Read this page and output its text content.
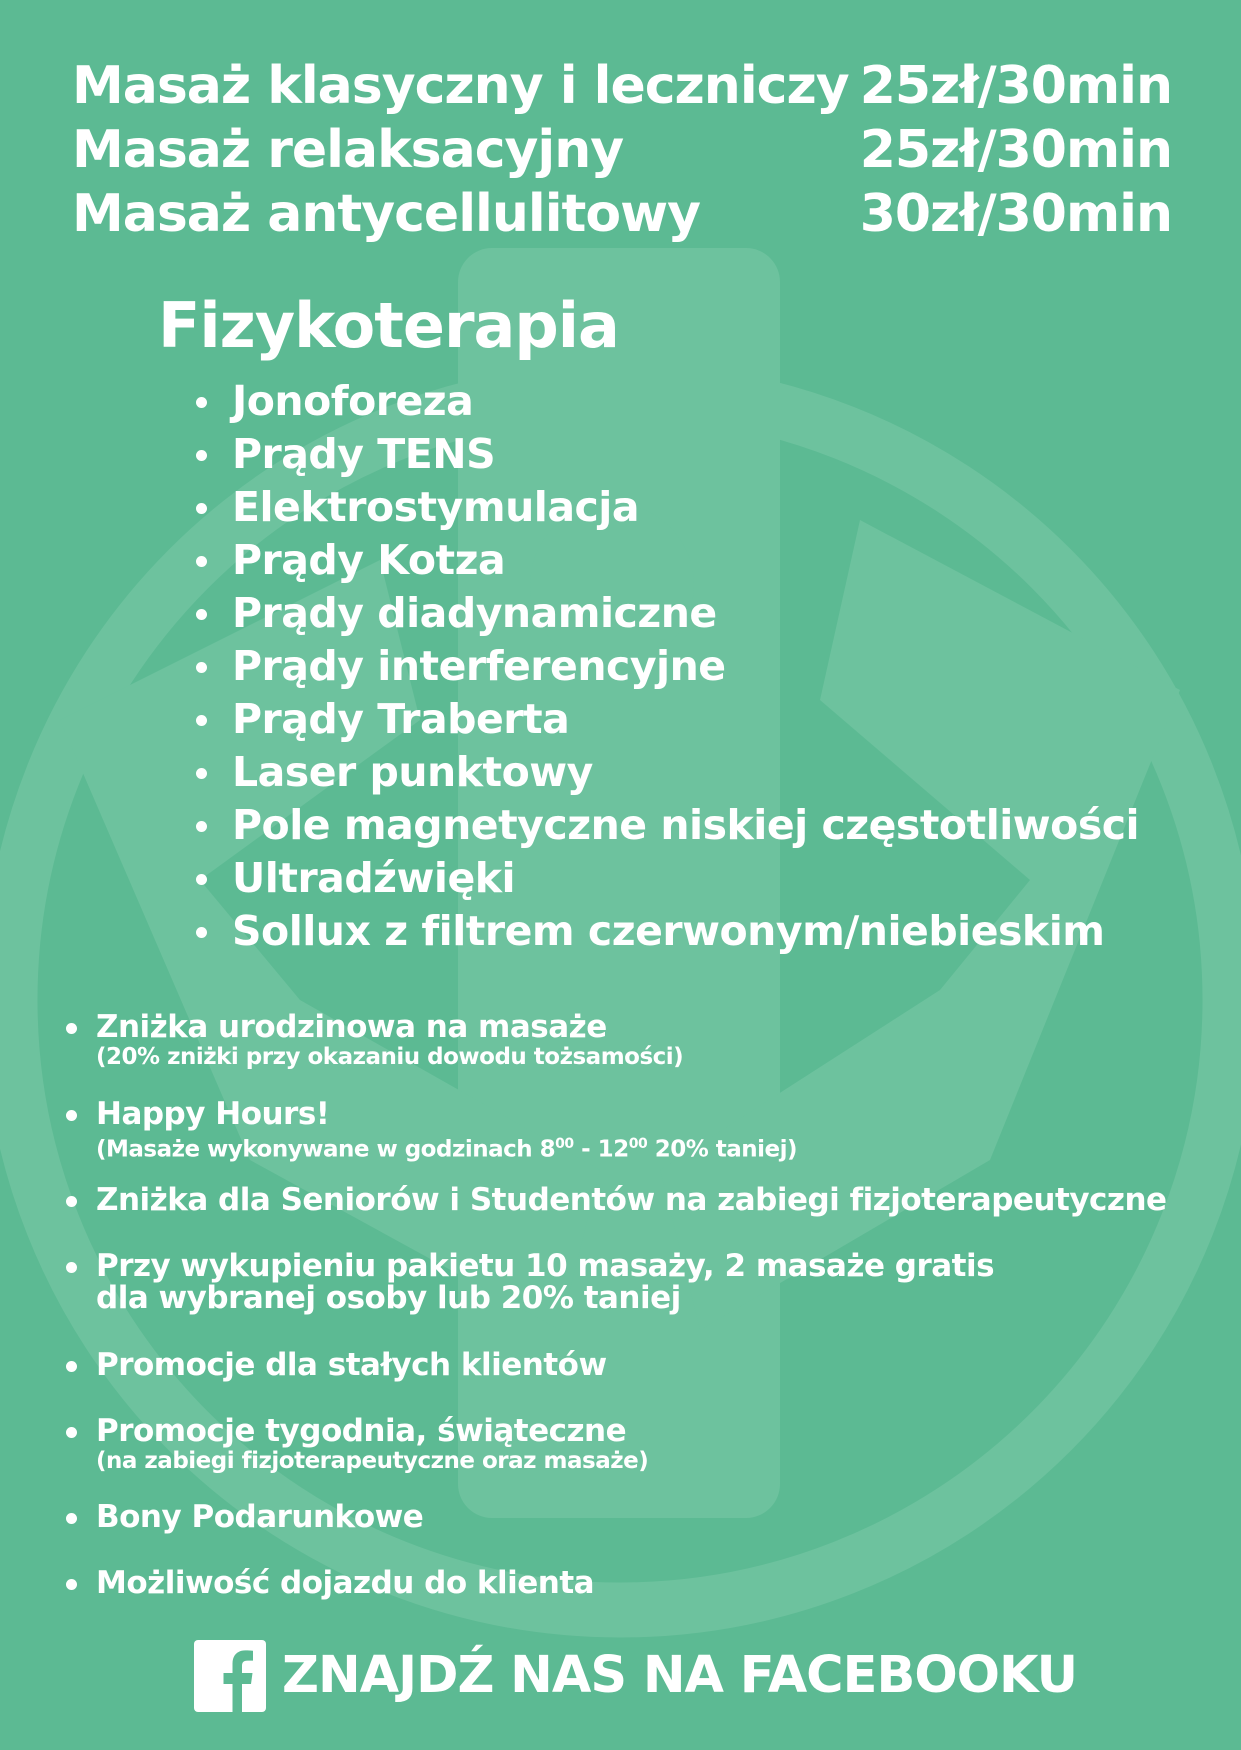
Masaż klasyczny i leczniczy 25zł/30min
Masaż relaksacyjny	25zł/30min
Masaż antycellulitowy	30zł/30min
Fizykoterapia
Jonoforeza
Prądy TENS
Elektrostymulacja
Prądy Kotza
Prądy diadynamiczne
Prądy interferencyjne
Prądy Traberta
Laser punktowy
Pole magnetyczne niskiej częstotliwości
Ultradźwięki
Sollux z filtrem czerwonym/niebieskim
Zniżka urodzinowa na masaże
(20% zniżki przy okazaniu dowodu tożsamości)
Happy Hours!
(Masaże wykonywane w godzinach $8^{00} - 12^{00}$ 20% taniej)
Zniżka dla Seniorów i Studentów na zabiegi fizjoterapeutyczne
Przy wykupieniu pakietu 10 masaży, 2 masaże gratis
dla wybranej osoby lub 20% taniej
Promocje dla stałych klientów
Promocje tygodnia, świąteczne
(na zabiegi fizjoterapeutyczne oraz masaże)
Bony Podarunkowe
Możliwość dojazdu do klienta
ZNAJDŹ NAS NA FACEBOOKU
